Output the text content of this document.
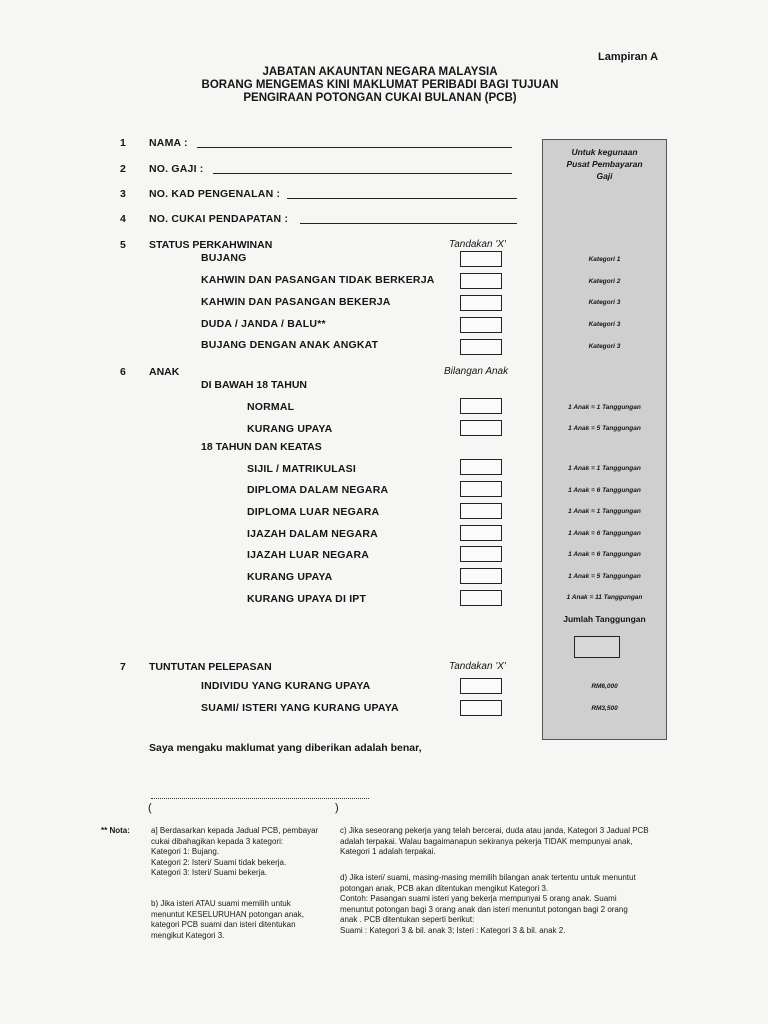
Lampiran A
JABATAN AKAUNTAN NEGARA MALAYSIA
BORANG MENGEMAS KINI MAKLUMAT PERIBADI BAGI TUJUAN
PENGIRAAN POTONGAN CUKAI BULANAN (PCB)
Untuk kegunaan
Pusat Pembayaran
Gaji
1 NAMA :
2 NO. GAJI :
3 NO. KAD PENGENALAN :
4 NO. CUKAI PENDAPATAN :
5 STATUS PERKAHWINAN	Tandakan 'X'
BUJANG	Kategori 1
KAHWIN DAN PASANGAN TIDAK BERKERJA	Kategori 2
KAHWIN DAN PASANGAN BEKERJA	Kategori 3
DUDA / JANDA / BALU**	Kategori 3
BUJANG DENGAN ANAK ANGKAT	Kategori 3
6 ANAK	Bilangan Anak
DI BAWAH 18 TAHUN
NORMAL	1 Anak = 1 Tanggungan
KURANG UPAYA	1 Anak = 5 Tanggungan
18 TAHUN DAN KEATAS
SIJIL / MATRIKULASI	1 Anak = 1 Tanggungan
DIPLOMA DALAM NEGARA	1 Anak = 6 Tanggungan
DIPLOMA LUAR NEGARA	1 Anak = 1 Tanggungan
IJAZAH DALAM NEGARA	1 Anak = 6 Tanggungan
IJAZAH LUAR NEGARA	1 Anak = 6 Tanggungan
KURANG UPAYA	1 Anak = 5 Tanggungan
KURANG UPAYA DI IPT	1 Anak = 11 Tanggungan
Jumlah Tanggungan
7 TUNTUTAN PELEPASAN	Tandakan 'X'
INDIVIDU YANG KURANG UPAYA	RM6,000
SUAMI/ ISTERI YANG KURANG UPAYA	RM3,500
Saya mengaku maklumat yang diberikan adalah benar,
(	)
** Nota:	a] Berdasarkan kepada Jadual PCB, pembayar
cukai dibahagikan kepada 3 kategori:
Kategori 1: Bujang.
Kategori 2: Isteri/ Suami tidak bekerja.
Kategori 3: Isteri/ Suami bekerja.
b) Jika isteri ATAU suami memilih untuk
menuntut KESELURUHAN potongan anak,
kategori PCB suami dan isteri ditentukan
mengikut Kategori 3.
c) Jika seseorang pekerja yang telah bercerai, duda atau janda, Kategori 3 Jadual PCB
adalah terpakai. Walau bagaimanapun sekiranya pekerja TIDAK mempunyai anak,
Kategori 1 adalah terpakai.
d) Jika isteri/ suami, masing-masing memilih bilangan anak tertentu untuk menuntut
potongan anak, PCB akan ditentukan mengikut Kategori 3.
Contoh: Pasangan suami isteri yang bekerja mempunyai 5 orang anak. Suami
menuntut potongan bagi 3 orang anak dan isteri menuntut potongan bagi 2 orang
anak . PCB ditentukan seperti berikut:
Suami : Kategori 3 & bil. anak 3; Isteri : Kategori 3 & bil. anak 2.
